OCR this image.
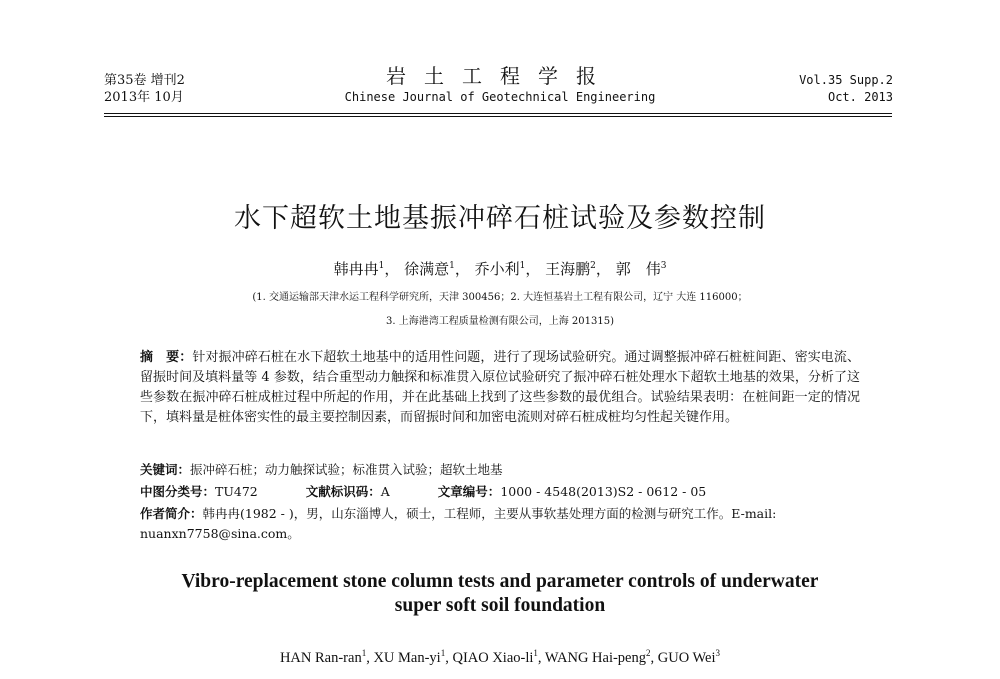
第35卷 增刊2
2013年 10月
岩土工程学报
Chinese Journal of Geotechnical Engineering
Vol.35 Supp.2
Oct. 2013
水下超软土地基振冲碎石桩试验及参数控制
韩冉冉$^1$， 徐满意$^1$， 乔小利$^1$， 王海鹏$^2$， 郭　伟$^3$
(1. 交通运输部天津水运工程科学研究所，天津 300456；2. 大连恒基岩土工程有限公司，辽宁 大连 116000；
3. 上海港湾工程质量检测有限公司，上海 201315)
摘　要：针对振冲碎石桩在水下超软土地基中的适用性问题，进行了现场试验研究。通过调整振冲碎石桩桩间距、密实电流、留振时间及填料量等 4 参数，结合重型动力触探和标准贯入原位试验研究了振冲碎石桩处理水下超软土地基的效果，分析了这些参数在振冲碎石桩成桩过程中所起的作用，并在此基础上找到了这些参数的最优组合。试验结果表明：在桩间距一定的情况下，填料量是桩体密实性的最主要控制因素，而留振时间和加密电流则对碎石桩成桩均匀性起关键作用。
关键词：振冲碎石桩；动力触探试验；标准贯入试验；超软土地基
中图分类号：TU472	文献标识码：A	文章编号：1000 - 4548(2013)S2 - 0612 - 05
作者简介：韩冉冉(1982 - )，男，山东淄博人，硕士，工程师，主要从事软基处理方面的检测与研究工作。E-mail: nuanxn7758@sina.com。
Vibro-replacement stone column tests and parameter controls of underwater
super soft soil foundation
HAN Ran-ran$^1$, XU Man-$yi^1$, QIAO Xiao-$li^1$, WANG Hai-peng$^2$, GUO Wei$^3$
